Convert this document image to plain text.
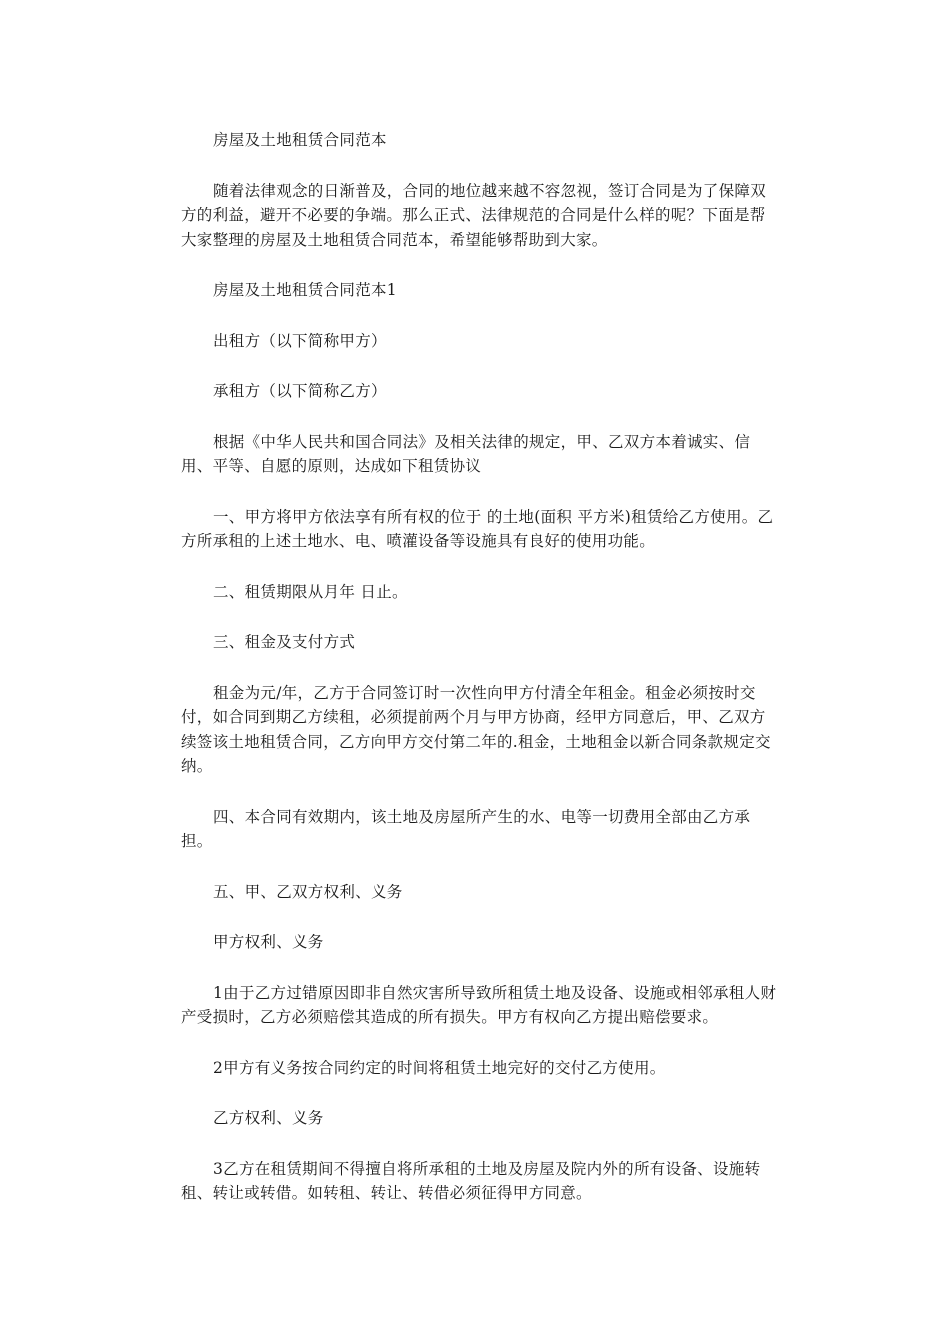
房屋及土地租赁合同范本

随着法律观念的日渐普及，合同的地位越来越不容忽视，签订合同是为了保障双方的利益，避开不必要的争端。那么正式、法律规范的合同是什么样的呢？下面是帮大家整理的房屋及土地租赁合同范本，希望能够帮助到大家。

房屋及土地租赁合同范本1

出租方（以下简称甲方）

承租方（以下简称乙方）

根据《中华人民共和国合同法》及相关法律的规定，甲、乙双方本着诚实、信用、平等、自愿的原则，达成如下租赁协议

一、甲方将甲方依法享有所有权的位于 的土地(面积 平方米)租赁给乙方使用。乙方所承租的上述土地水、电、喷灌设备等设施具有良好的使用功能。

二、租赁期限从月年 日止。

三、租金及支付方式

租金为元/年，乙方于合同签订时一次性向甲方付清全年租金。租金必须按时交付，如合同到期乙方续租，必须提前两个月与甲方协商，经甲方同意后，甲、乙双方续签该土地租赁合同，乙方向甲方交付第二年的.租金，土地租金以新合同条款规定交纳。

四、本合同有效期内，该土地及房屋所产生的水、电等一切费用全部由乙方承担。

五、甲、乙双方权利、义务

甲方权利、义务

1由于乙方过错原因即非自然灾害所导致所租赁土地及设备、设施或相邻承租人财产受损时，乙方必须赔偿其造成的所有损失。甲方有权向乙方提出赔偿要求。

2甲方有义务按合同约定的时间将租赁土地完好的交付乙方使用。

乙方权利、义务

3乙方在租赁期间不得擅自将所承租的土地及房屋及院内外的所有设备、设施转租、转让或转借。如转租、转让、转借必须征得甲方同意。
